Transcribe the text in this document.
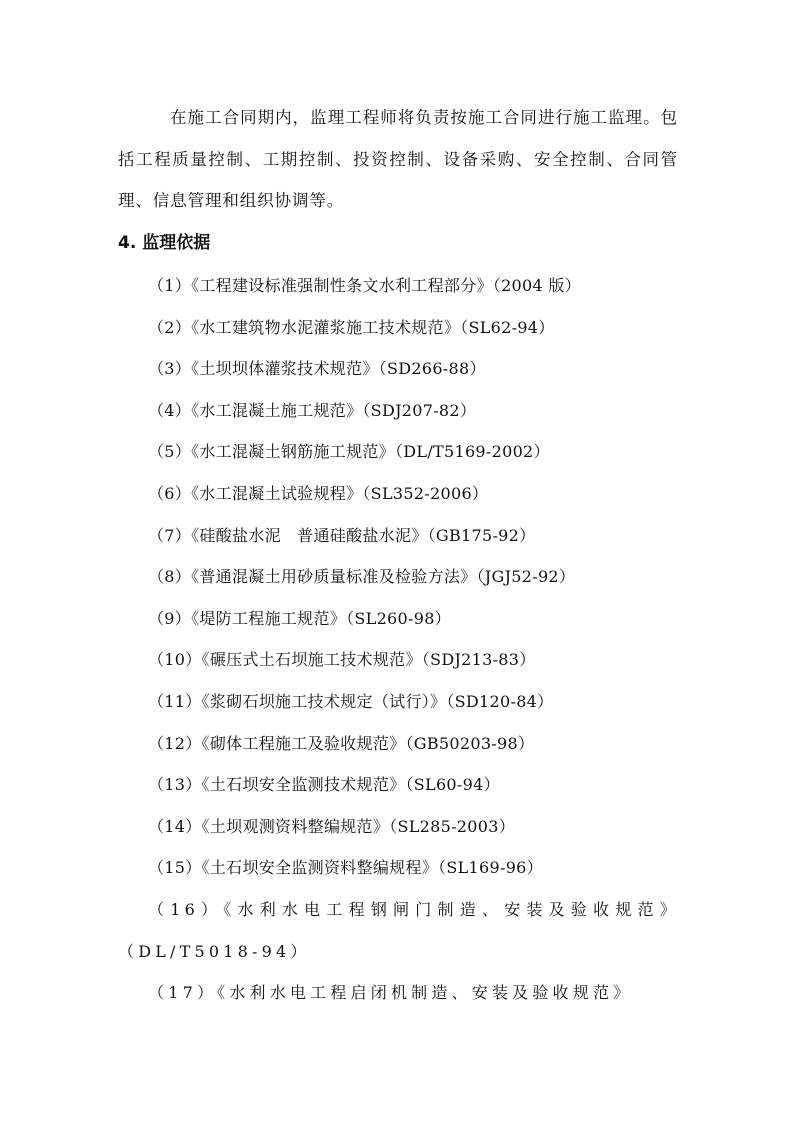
在施工合同期内，监理工程师将负责按施工合同进行施工监理。包括工程质量控制、工期控制、投资控制、设备采购、安全控制、合同管理、信息管理和组织协调等。

4. 监理依据
（1）《工程建设标准强制性条文水利工程部分》（2004 版）
（2）《水工建筑物水泥灌浆施工技术规范》（SL62-94）
（3）《土坝坝体灌浆技术规范》（SD266-88）
（4）《水工混凝土施工规范》（SDJ207-82）
（5）《水工混凝土钢筋施工规范》（DL/T5169-2002）
（6）《水工混凝土试验规程》（SL352-2006）
（7）《硅酸盐水泥　普通硅酸盐水泥》（GB175-92）
（8）《普通混凝土用砂质量标准及检验方法》（JGJ52-92）
（9）《堤防工程施工规范》（SL260-98）
（10）《碾压式土石坝施工技术规范》（SDJ213-83）
（11）《浆砌石坝施工技术规定（试行）》（SD120-84）
（12）《砌体工程施工及验收规范》（GB50203-98）
（13）《土石坝安全监测技术规范》（SL60-94）
（14）《土坝观测资料整编规范》（SL285-2003）
（15）《土石坝安全监测资料整编规程》（SL169-96）
（16）《水利水电工程钢闸门制造、安装及验收规范》（DL/T5018-94）
（17）《水利水电工程启闭机制造、安装及验收规范》
